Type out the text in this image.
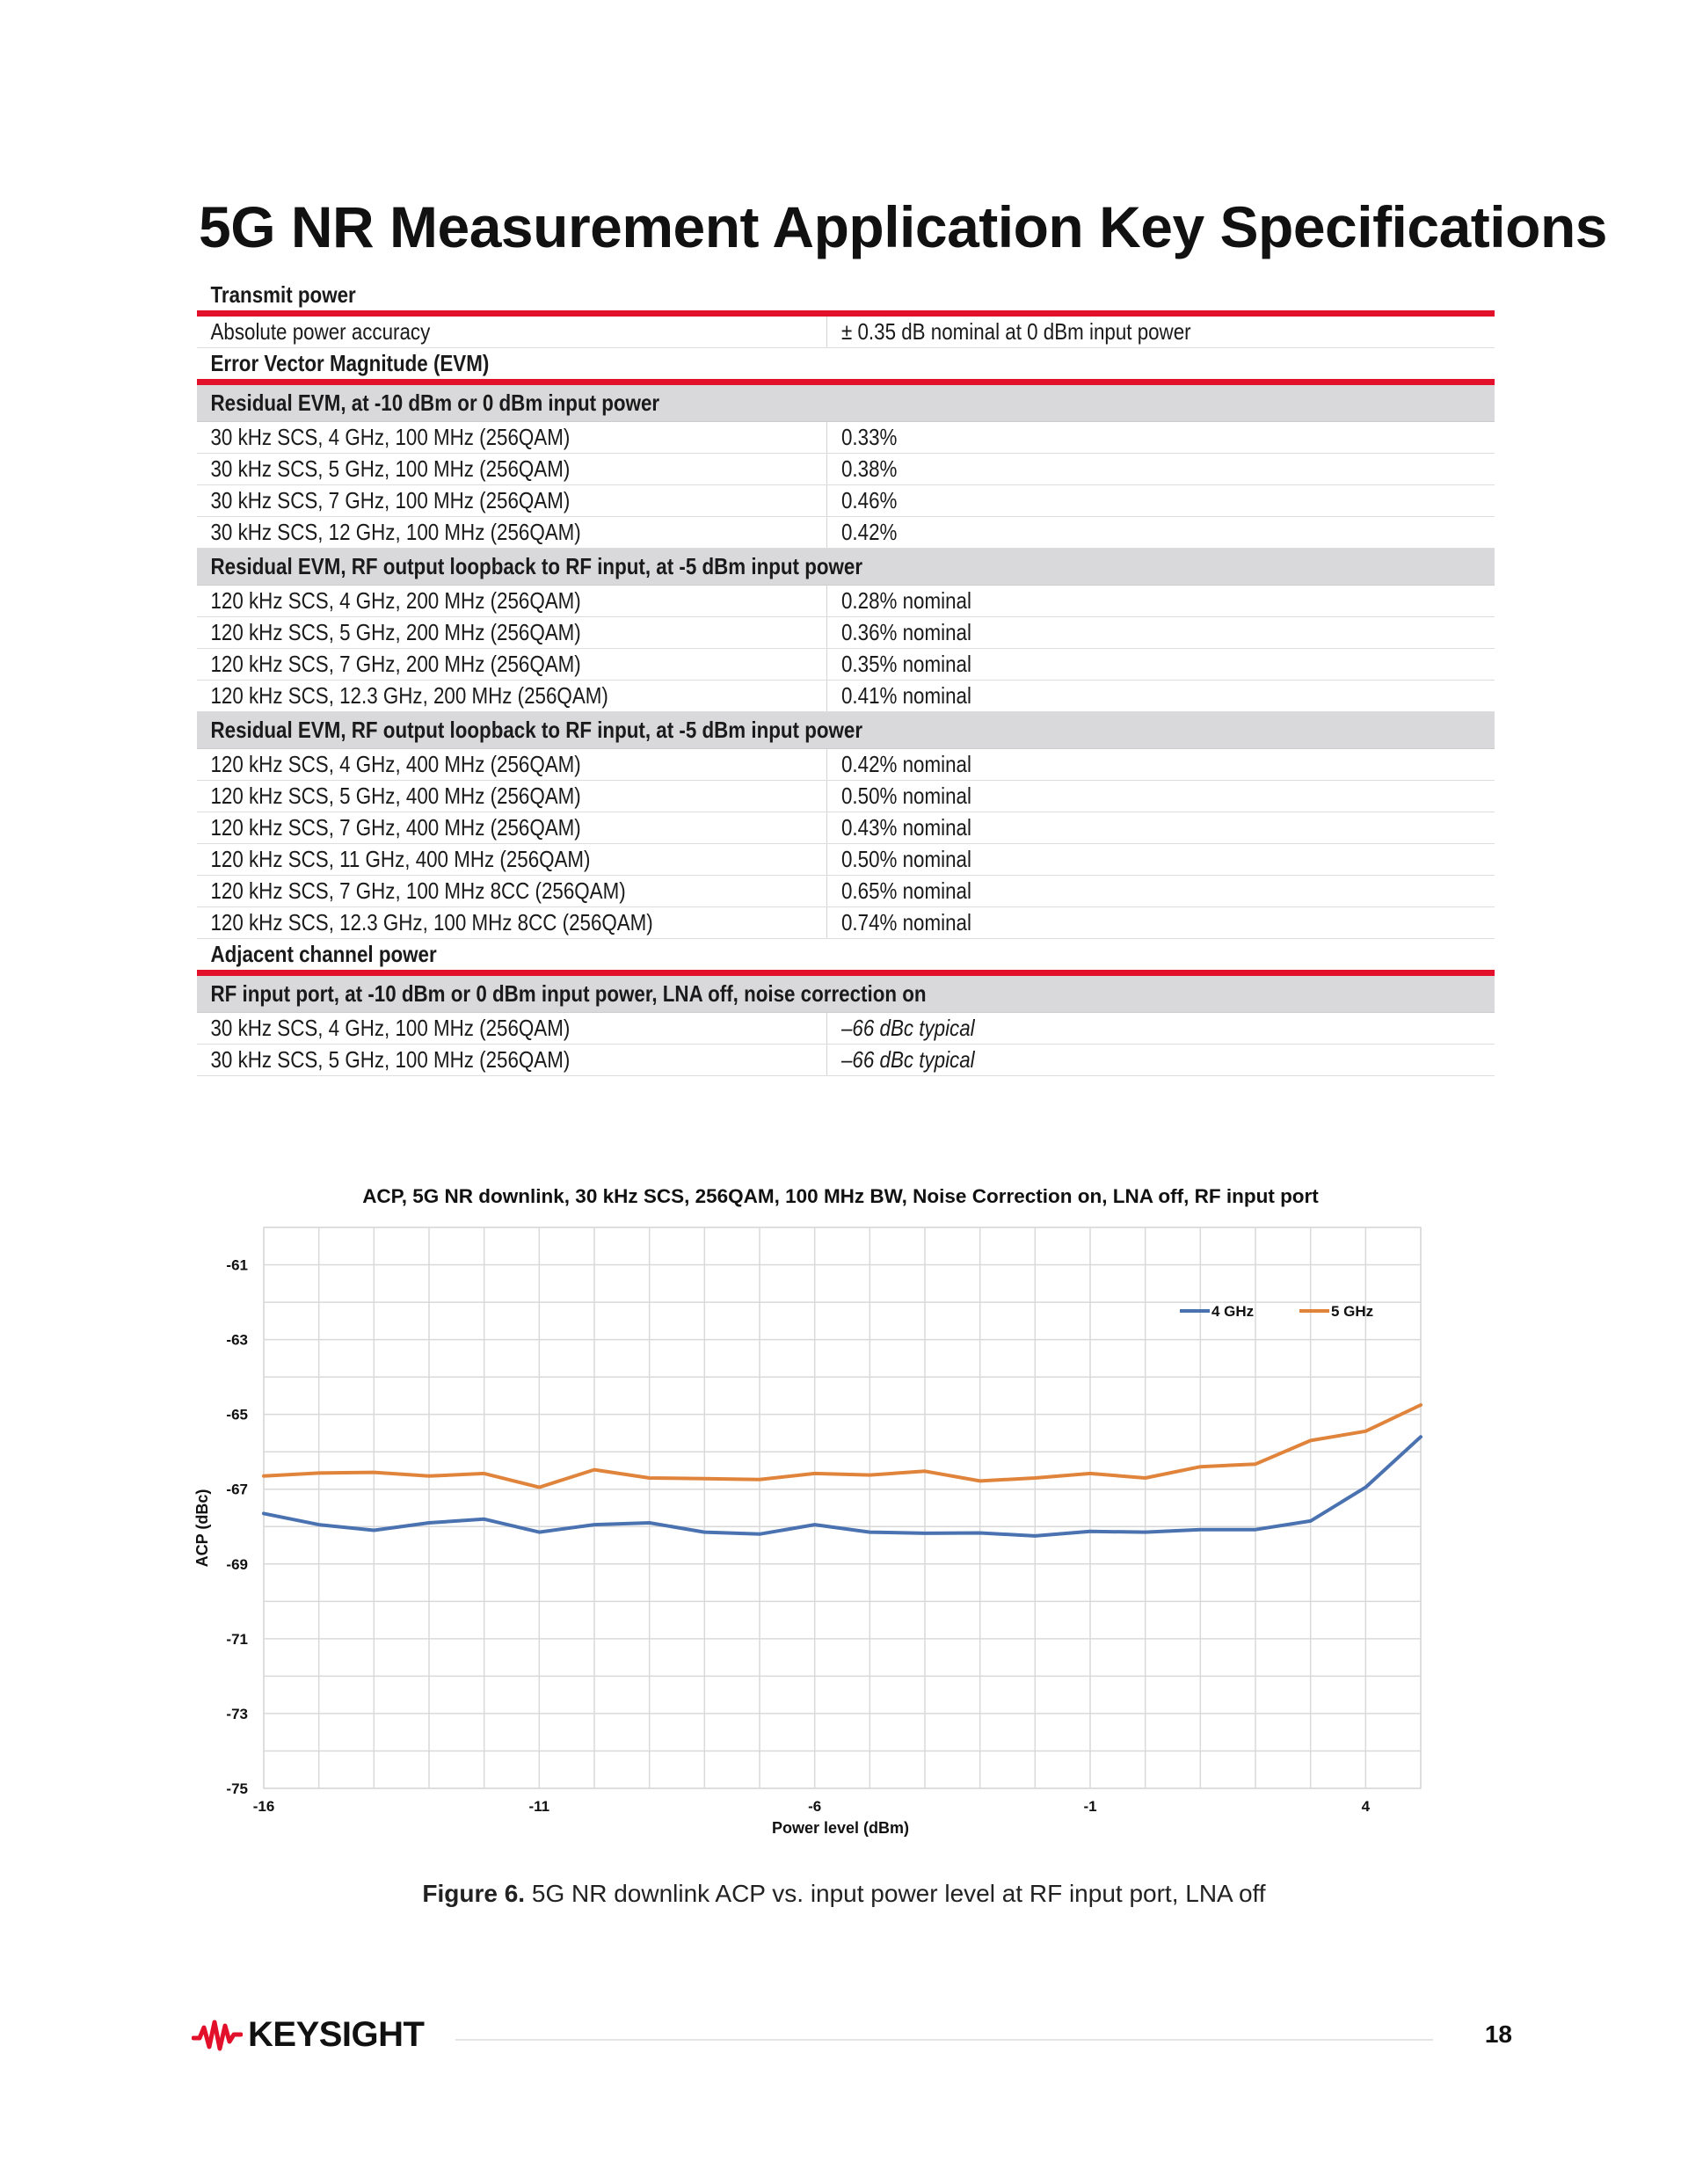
5G NR Measurement Application Key Specifications
Transmit power
Absolute power accuracy	± 0.35 dB nominal at 0 dBm input power
Error Vector Magnitude (EVM)
Residual EVM, at -10 dBm or 0 dBm input power
30 kHz SCS, 4 GHz, 100 MHz (256QAM)	0.33%
30 kHz SCS, 5 GHz, 100 MHz (256QAM)	0.38%
30 kHz SCS, 7 GHz, 100 MHz (256QAM)	0.46%
30 kHz SCS, 12 GHz, 100 MHz (256QAM)	0.42%
Residual EVM, RF output loopback to RF input, at -5 dBm input power
120 kHz SCS, 4 GHz, 200 MHz (256QAM)	0.28% nominal
120 kHz SCS, 5 GHz, 200 MHz (256QAM)	0.36% nominal
120 kHz SCS, 7 GHz, 200 MHz (256QAM)	0.35% nominal
120 kHz SCS, 12.3 GHz, 200 MHz (256QAM)	0.41% nominal
Residual EVM, RF output loopback to RF input, at -5 dBm input power
120 kHz SCS, 4 GHz, 400 MHz (256QAM)	0.42% nominal
120 kHz SCS, 5 GHz, 400 MHz (256QAM)	0.50% nominal
120 kHz SCS, 7 GHz, 400 MHz (256QAM)	0.43% nominal
120 kHz SCS, 11 GHz, 400 MHz (256QAM)	0.50% nominal
120 kHz SCS, 7 GHz, 100 MHz 8CC (256QAM)	0.65% nominal
120 kHz SCS, 12.3 GHz, 100 MHz 8CC (256QAM)	0.74% nominal
Adjacent channel power
RF input port, at -10 dBm or 0 dBm input power, LNA off, noise correction on
30 kHz SCS, 4 GHz, 100 MHz (256QAM)	–66 dBc typical
30 kHz SCS, 5 GHz, 100 MHz (256QAM)	–66 dBc typical
ACP, 5G NR downlink, 30 kHz SCS, 256QAM, 100 MHz BW, Noise Correction on, LNA off, RF input port
-16	-11	-6	-1	4
-61
-63
-65
-67
-69
-71
-73
-75
4 GHz	5 GHz
Power level (dBm)
ACP (dBc)
Figure 6. 5G NR downlink ACP vs. input power level at RF input port, LNA off
KEYSIGHT	18
